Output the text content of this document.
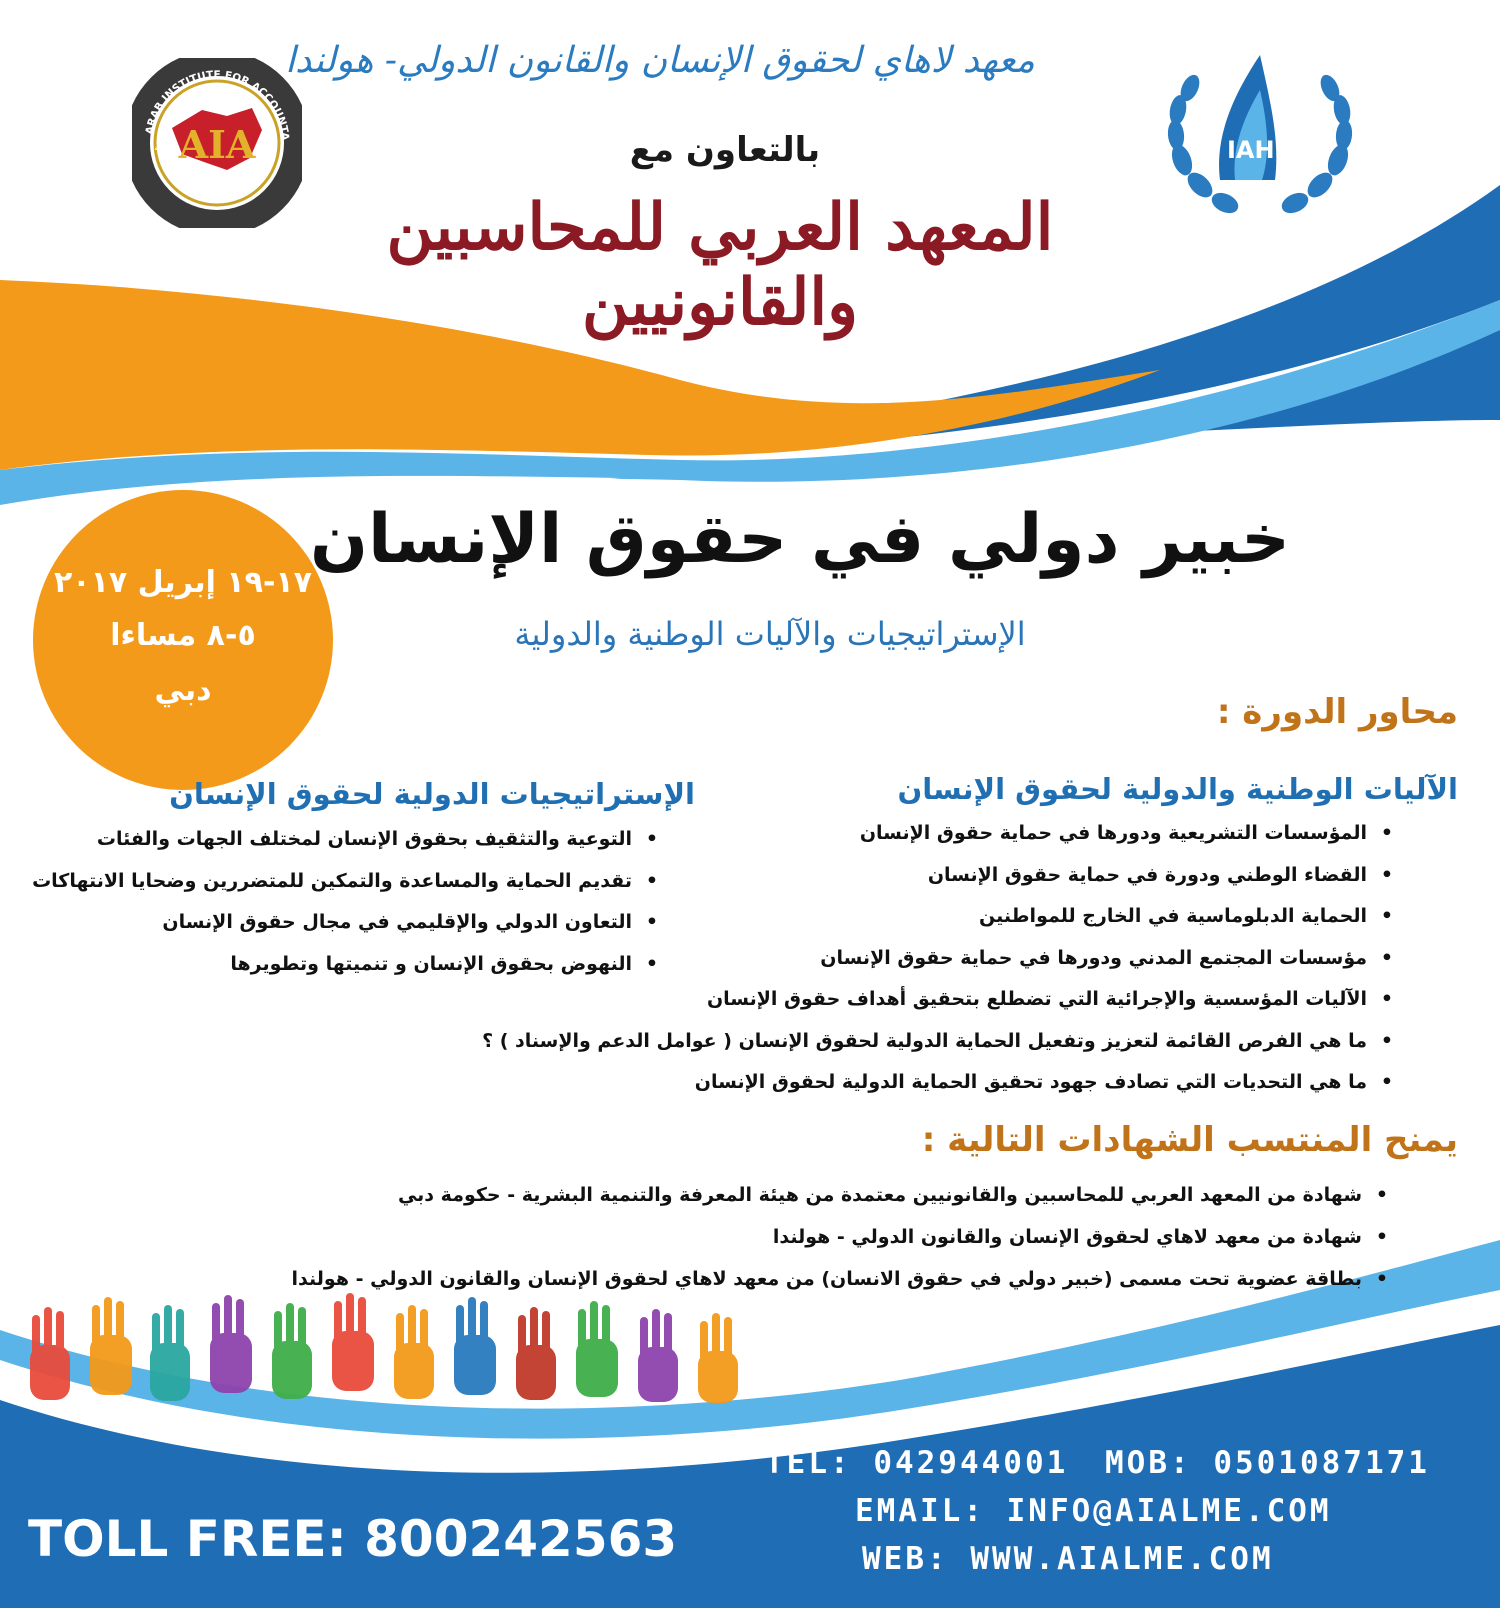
ARAB INSTITUTE FOR ACCOUNTA
المعهد AIA	IAHR
معهد لاهاي لحقوق الإنسان والقانون الدولي- هولندا
بالتعاون مع
المعهد العربي للمحاسبين والقانونيين
خبير دولي في حقوق الإنسان
الإستراتيجيات والآليات الوطنية والدولية
١٧-١٩ إبريل ٢٠١٧
٥-٨ مساءا
دبي
محاور الدورة :
الآليات الوطنية والدولية لحقوق الإنسان
• المؤسسات التشريعية ودورها في حماية حقوق الإنسان
• القضاء الوطني ودورة في حماية حقوق الإنسان
• الحماية الدبلوماسية في الخارج للمواطنين
• مؤسسات المجتمع المدني ودورها في حماية حقوق الإنسان
• الآليات المؤسسية والإجرائية التي تضطلع بتحقيق أهداف حقوق الإنسان
• ما هي الفرص القائمة لتعزيز وتفعيل الحماية الدولية لحقوق الإنسان ( عوامل الدعم والإسناد ) ؟
• ما هي التحديات التي تصادف جهود تحقيق الحماية الدولية لحقوق الإنسان
الإستراتيجيات الدولية لحقوق الإنسان
• التوعية والتثقيف بحقوق الإنسان لمختلف الجهات والفئات
• تقديم الحماية والمساعدة والتمكين للمتضررين وضحايا الانتهاكات
• التعاون الدولي والإقليمي في مجال حقوق الإنسان
• النهوض بحقوق الإنسان و تنميتها وتطويرها
يمنح المنتسب الشهادات التالية :
• شهادة من المعهد العربي للمحاسبين والقانونيين معتمدة من هيئة المعرفة والتنمية البشرية - حكومة دبي
• شهادة من معهد لاهاي لحقوق الإنسان والقانون الدولي - هولندا
• بطاقة عضوية تحت مسمى (خبير دولي في حقوق الانسان) من معهد لاهاي لحقوق الإنسان والقانون الدولي - هولندا
TEL: 042944001 MOB: 0501087171
EMAIL: INFO@AIALME.COM
WEB: WWW.AIALME.COM
TOLL FREE: 800242563
